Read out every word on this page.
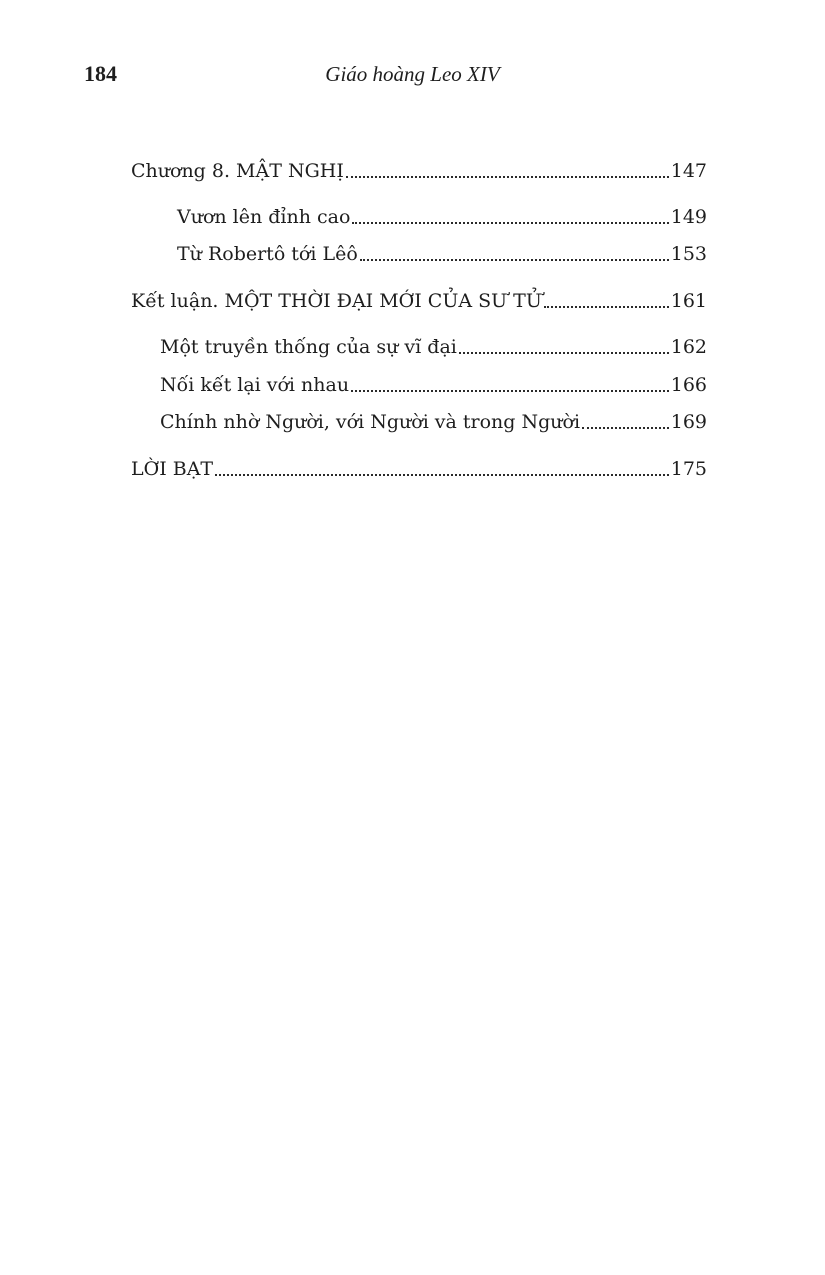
184	Giáo hoàng Leo XIV
Chương 8. MẬT NGHỊ	147
Vươn lên đỉnh cao	149
Từ Robertô tới Lêô	153
Kết luận. MỘT THỜI ĐẠI MỚI CỦA SƯ TỬ	161
Một truyền thống của sự vĩ đại	162
Nối kết lại với nhau	166
Chính nhờ Người, với Người và trong Người	169
LỜI BẠT	175
